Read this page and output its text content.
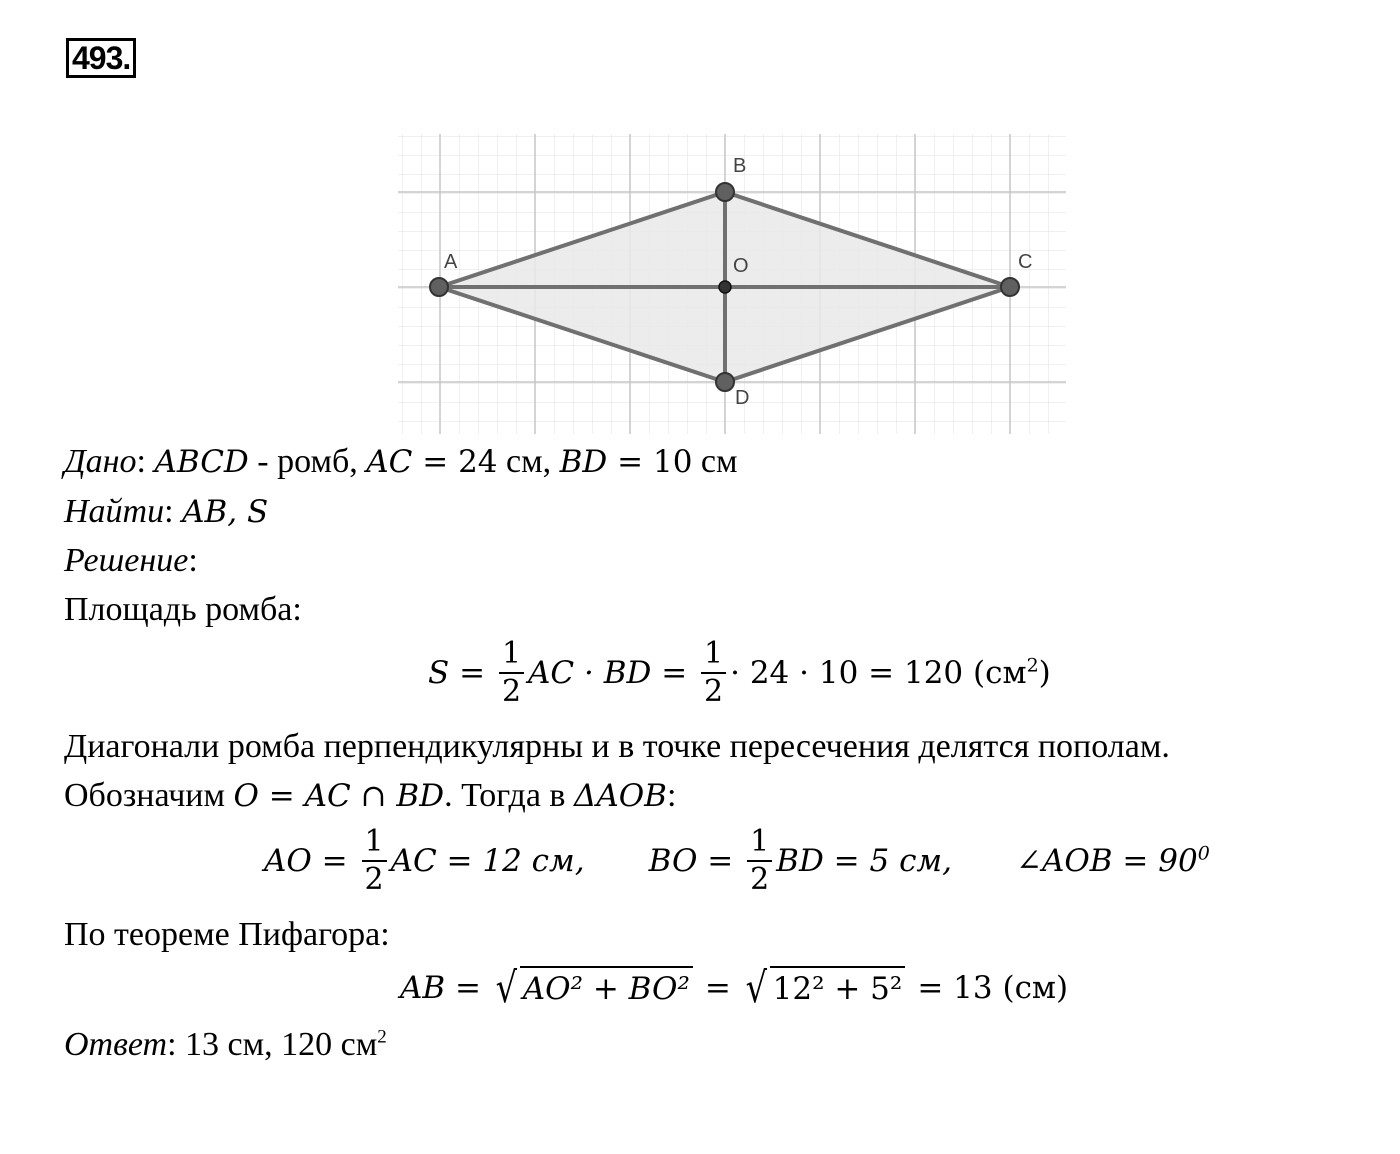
493.
A
B
C
D
O
Дано: ABCD - ромб, AC = 24 см, BD = 10 см
Найти: AB, S
Решение:
Площадь ромба:
$S = \frac{1}{2}$ AC · BD = $\frac{1}{2} \cdot 24 \cdot 10 = 120$
$(см^2)$
Диагонали ромба перпендикулярны и в точке пересечения делятся пополам.
Обозначим O = AC ∩ BD. Тогда в ΔAOB:
AO = $\frac{1}{2}$ AC = 12 см, BO = $\frac{1}{2}$ BD = 5 см, ∠AOB = $90^0$
По теореме Пифагора:
AB = √ AO² + BO² = √ 12² + 5² = 13 (см)
Ответ: 13 см, 120 $см^2$
